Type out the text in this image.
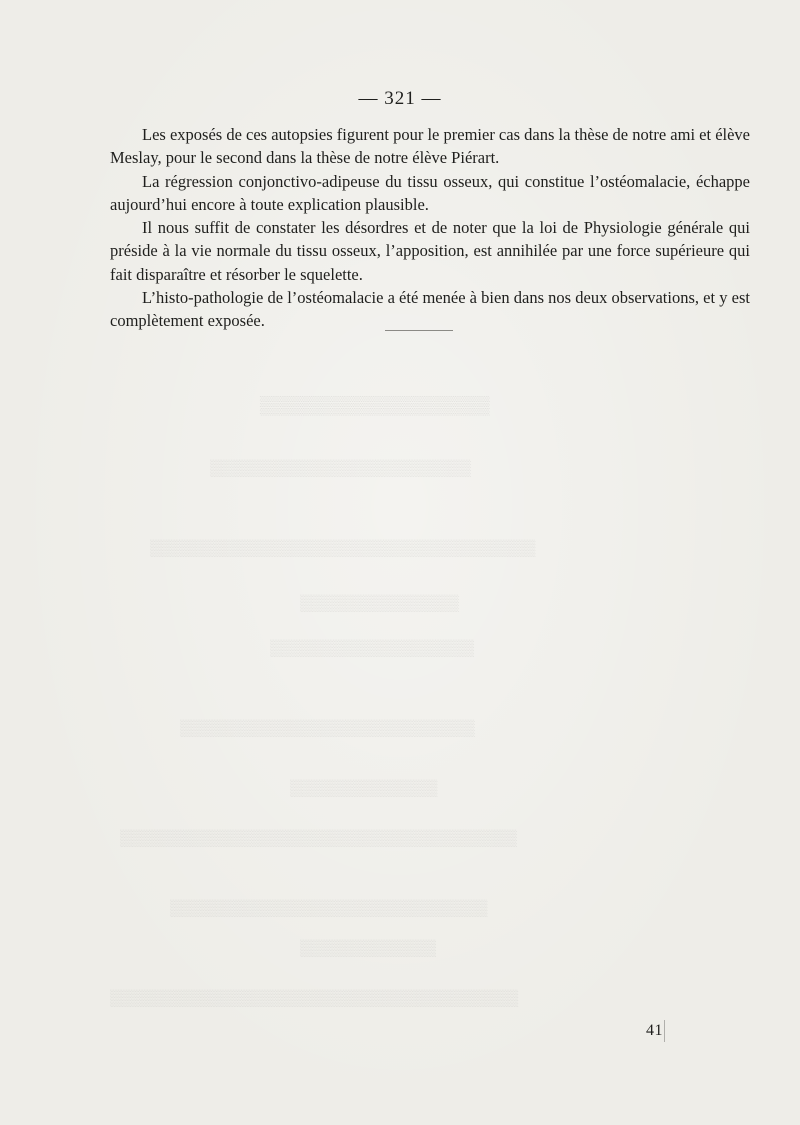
▒▒▒▒▒▒▒▒▒▒▒▒▒▒▒▒▒▒
▒▒▒▒▒▒▒▒▒▒▒▒▒▒▒▒▒▒▒▒▒▒▒
▒▒▒▒▒▒▒▒▒▒▒▒▒▒▒▒▒▒▒▒▒▒▒▒▒▒▒▒▒▒▒▒▒▒
▒▒▒▒▒▒▒▒▒▒▒▒▒▒
▒▒▒▒▒▒▒▒▒▒▒▒▒▒▒▒▒▒
▒▒▒▒▒▒▒▒▒▒▒▒▒▒▒▒▒▒▒▒▒▒▒▒▒▒
▒▒▒▒▒▒▒▒▒▒▒▒▒
▒▒▒▒▒▒▒▒▒▒▒▒▒▒▒▒▒▒▒▒▒▒▒▒▒▒▒▒▒▒▒▒▒▒▒
▒▒▒▒▒▒▒▒▒▒▒▒▒▒▒▒▒▒▒▒▒▒▒▒▒▒▒▒
▒▒▒▒▒▒▒▒▒▒▒▒
▒▒▒▒▒▒▒▒▒▒▒▒▒▒▒▒▒▒▒▒▒▒▒▒▒▒▒▒▒▒▒▒▒▒▒▒
— 321 —

Les exposés de ces autopsies figurent pour le premier cas dans la thèse de notre ami et élève Meslay, pour le second dans la thèse de notre élève Piérart.

La régression conjonctivo-adipeuse du tissu osseux, qui constitue l’ostéomalacie, échappe aujourd’hui encore à toute explication plausible.

Il nous suffit de constater les désordres et de noter que la loi de Physiologie générale qui préside à la vie normale du tissu osseux, l’apposition, est annihilée par une force supérieure qui fait disparaître et résorber le squelette.

L’histo-pathologie de l’ostéomalacie a été menée à bien dans nos deux observations, et y est complètement exposée.

41
